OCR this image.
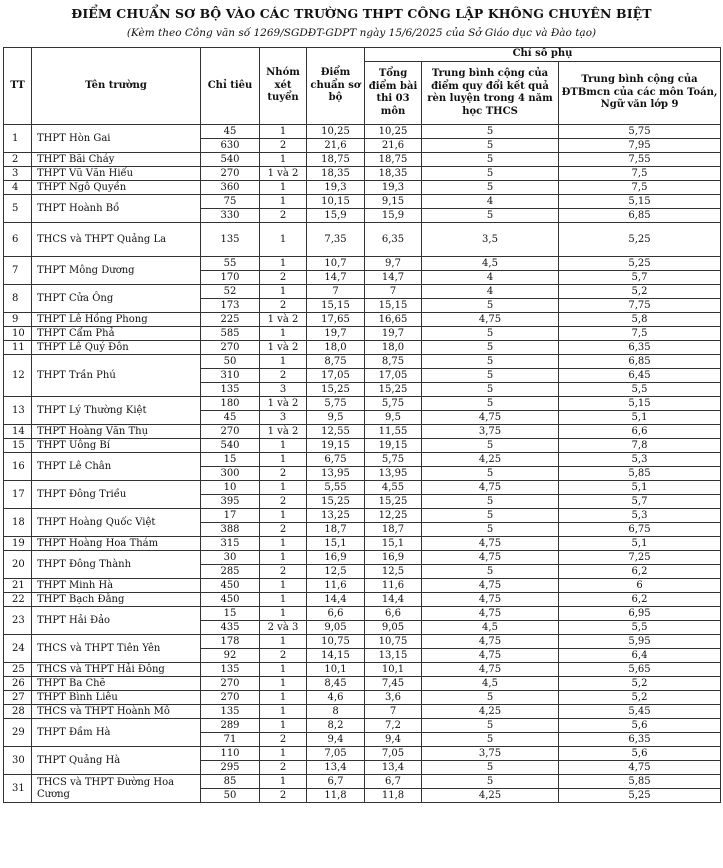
ĐIỂM CHUẨN SƠ BỘ VÀO CÁC TRƯỜNG THPT CÔNG LẬP KHÔNG CHUYÊN BIỆT
(Kèm theo Công văn số 1269/SGDĐT-GDPT ngày 15/6/2025 của Sở Giáo dục và Đào tạo)
TT	Tên trường	Chỉ tiêu	Nhóm xét tuyển	Điểm chuẩn sơ bộ	Chỉ số phụ		
					Tổng điểm bài thi 03 môn	Trung bình cộng của điểm quy đổi kết quả rèn luyện trong 4 năm học THCS	Trung bình cộng của ĐTBmcn của các môn Toán, Ngữ văn lớp 9
1	THPT Hòn Gai	45	1	10,25	10,25	5	5,75
		630	2	21,6	21,6	5	7,95
2	THPT Bãi Cháy	540	1	18,75	18,75	5	7,55
3	THPT Vũ Văn Hiếu	270	1 và 2	18,35	18,35	5	7,5
4	THPT Ngô Quyền	360	1	19,3	19,3	5	7,5
5	THPT Hoành Bồ	75	1	10,15	9,15	4	5,15
		330	2	15,9	15,9	5	6,85
6	THCS và THPT Quảng La	135	1	7,35	6,35	3,5	5,25
7	THPT Mông Dương	55	1	10,7	9,7	4,5	5,25
		170	2	14,7	14,7	4	5,7
8	THPT Cửa Ông	52	1	7	7	4	5,2
		173	2	15,15	15,15	5	7,75
9	THPT Lê Hồng Phong	225	1 và 2	17,65	16,65	4,75	5,8
10	THPT Cẩm Phả	585	1	19,7	19,7	5	7,5
11	THPT Lê Quý Đôn	270	1 và 2	18,0	18,0	5	6,35
12	THPT Trần Phú	50	1	8,75	8,75	5	6,85
		310	2	17,05	17,05	5	6,45
		135	3	15,25	15,25	5	5,5
13	THPT Lý Thường Kiệt	180	1 và 2	5,75	5,75	5	5,15
		45	3	9,5	9,5	4,75	5,1
14	THPT Hoàng Văn Thụ	270	1 và 2	12,55	11,55	3,75	6,6
15	THPT Uông Bí	540	1	19,15	19,15	5	7,8
16	THPT Lê Chân	15	1	6,75	5,75	4,25	5,3
		300	2	13,95	13,95	5	5,85
17	THPT Đông Triều	10	1	5,55	4,55	4,75	5,1
		395	2	15,25	15,25	5	5,7
18	THPT Hoàng Quốc Việt	17	1	13,25	12,25	5	5,3
		388	2	18,7	18,7	5	6,75
19	THPT Hoàng Hoa Thám	315	1	15,1	15,1	4,75	5,1
20	THPT Đông Thành	30	1	16,9	16,9	4,75	7,25
		285	2	12,5	12,5	5	6,2
21	THPT Minh Hà	450	1	11,6	11,6	4,75	6
22	THPT Bạch Đằng	450	1	14,4	14,4	4,75	6,2
23	THPT Hải Đảo	15	1	6,6	6,6	4,75	6,95
		435	2 và 3	9,05	9,05	4,5	5,5
24	THCS và THPT Tiên Yên	178	1	10,75	10,75	4,75	5,95
		92	2	14,15	13,15	4,75	6,4
25	THCS và THPT Hải Đông	135	1	10,1	10,1	4,75	5,65
26	THPT Ba Chẽ	270	1	8,45	7,45	4,5	5,2
27	THPT Bình Liêu	270	1	4,6	3,6	5	5,2
28	THCS và THPT Hoành Mô	135	1	8	7	4,25	5,45
29	THPT Đầm Hà	289	1	8,2	7,2	5	5,6
		71	2	9,4	9,4	5	6,35
30	THPT Quảng Hà	110	1	7,05	7,05	3,75	5,6
		295	2	13,4	13,4	5	4,75
31	THCS và THPT Đường Hoa Cương	85	1	6,7	6,7	5	5,85
		50	2	11,8	11,8	4,25	5,25
